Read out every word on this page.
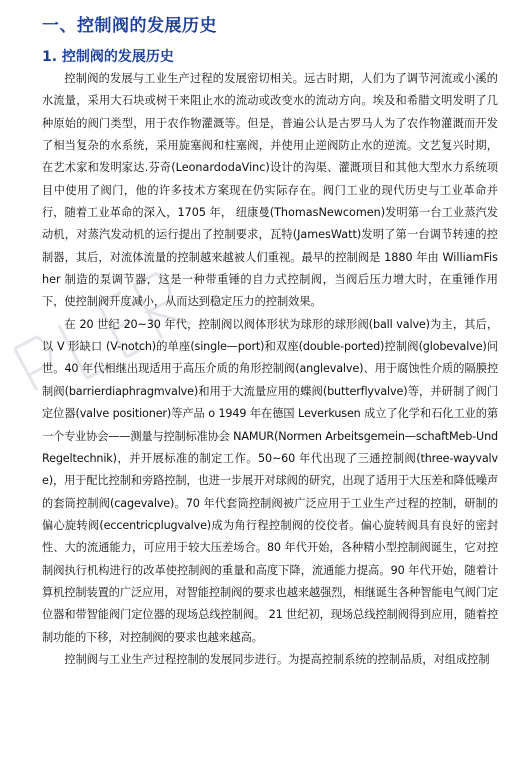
一、控制阀的发展历史
1. 控制阀的发展历史

控制阀的发展与工业生产过程的发展密切相关。远古时期，人们为了调节河流或小溪的水流量，采用大石块或树干来阻止水的流动或改变水的流动方向。埃及和希腊文明发明了几种原始的阀门类型，用于农作物灌溉等。但是，普遍公认是古罗马人为了农作物灌溉而开发了相当复杂的水系统，采用旋塞阀和柱塞阀，并使用止逆阀防止水的逆流。文艺复兴时期，在艺术家和发明家达.芬奇(LeonardodaVinc)设计的沟渠、灌溉项目和其他大型水力系统项目中使用了阀门，他的许多技术方案现在仍实际存在。阀门工业的现代历史与工业革命并行，随着工业革命的深入，1705 年， 纽康曼(ThomasNewcomen)发明第一台工业蒸汽发动机，对蒸汽发动机的运行提出了控制要求，瓦特(JamesWatt)发明了第一台调节转速的控制器，其后，对流体流量的控制越来越被人们重视。最早的控制阀是 1880 年由 WilliamFisher 制造的泵调节器，这是一种带重锤的自力式控制阀，当阀后压力增大时，在重锤作用下，使控制阀开度减小，从而达到稳定压力的控制效果。

在 20 世纪 20~30 年代，控制阀以阀体形状为球形的球形阀(ball valve)为主，其后，以 V 形缺口 (V-notch)的单座(single—port)和双座(double-ported)控制阀(globevalve)问世。40 年代相继出现适用于高压介质的角形控制阀(anglevalve)、用于腐蚀性介质的隔膜控制阀(barrierdiaphragmvalve)和用于大流量应用的蝶阀(butterflyvalve)等，并研制了阀门定位器(valve positioner)等产品 o 1949 年在德国 Leverkusen 成立了化学和石化工业的第一个专业协会——测量与控制标准协会 NAMUR(Normen Arbeitsgemein—schaftMeb-UndRegeltechnik)，并开展标准的制定工作。50~60 年代出现了三通控制阀(three-wayvalve)，用于配比控制和旁路控制，也进一步展开对球阀的研究，出现了适用于大压差和降低噪声的套筒控制阀(cagevalve)。70 年代套筒控制阀被广泛应用于工业生产过程的控制，研制的偏心旋转阀(eccentricplugvalve)成为角行程控制阀的佼佼者。偏心旋转阀具有良好的密封性、大的流通能力，可应用于较大压差场合。80 年代开始，各种精小型控制阀诞生，它对控制阀执行机构进行的改革使控制阀的重量和高度下降，流通能力提高。90 年代开始，随着计算机控制装置的广泛应用，对智能控制阀的要求也越来越强烈，相继诞生各种智能电气阀门定位器和带智能阀门定位器的现场总线控制阀。 21 世纪初，现场总线控制阀得到应用，随着控制功能的下移，对控制阀的要求也越来越高。

控制阀与工业生产过程控制的发展同步进行。为提高控制系统的控制品质，对组成控制
